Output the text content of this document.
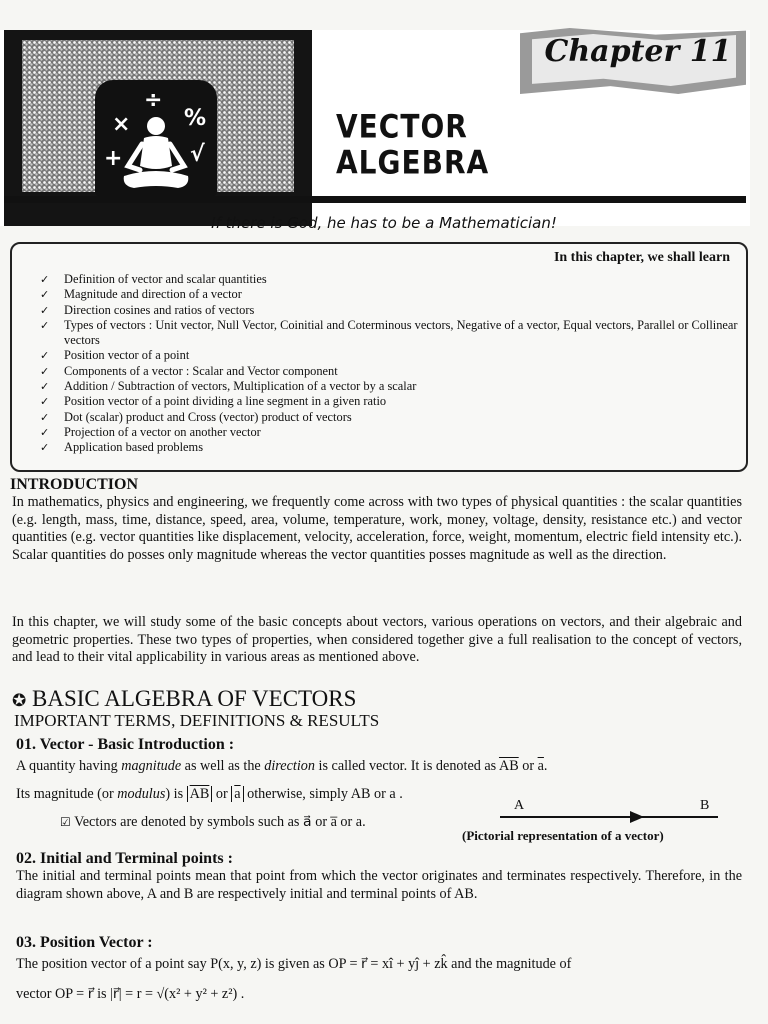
×
÷
%
+	√
Chapter 11
VECTOR
ALGEBRA
If there is God, he has to be a Mathematician!
In this chapter, we shall learn
✓ Definition of vector and scalar quantities
✓ Magnitude and direction of a vector
✓ Direction cosines and ratios of vectors
✓ Types of vectors : Unit vector, Null Vector, Coinitial and Coterminous vectors, Negative of a vector, Equal vectors, Parallel or Collinear vectors
✓ Position vector of a point
✓ Components of a vector : Scalar and Vector component
✓ Addition / Subtraction of vectors, Multiplication of a vector by a scalar
✓ Position vector of a point dividing a line segment in a given ratio
✓ Dot (scalar) product and Cross (vector) product of vectors
✓ Projection of a vector on another vector
✓ Application based problems
INTRODUCTION
In mathematics, physics and engineering, we frequently come across with two types of physical quantities : the scalar quantities (e.g. length, mass, time, distance, speed, area, volume, temperature, work, money, voltage, density, resistance etc.) and vector quantities (e.g. vector quantities like displacement, velocity, acceleration, force, weight, momentum, electric field intensity etc.). Scalar quantities do posses only magnitude whereas the vector quantities posses magnitude as well as the direction.
In this chapter, we will study some of the basic concepts about vectors, various operations on vectors, and their algebraic and geometric properties. These two types of properties, when considered together give a full realisation to the concept of vectors, and lead to their vital applicability in various areas as mentioned above.
✪ BASIC ALGEBRA OF VECTORS
IMPORTANT TERMS, DEFINITIONS & RESULTS
01. Vector - Basic Introduction :
A quantity having magnitude as well as the direction is called vector. It is denoted as $\overline{AB}$ or $\overline{a}$.
Its magnitude (or modulus) is $\overline{AB}$ or $\overline{a}$ otherwise, simply AB or a .
A	B
☑ Vectors are denoted by symbols such as a⃗ or a̅ or a.
(Pictorial representation of a vector)
02. Initial and Terminal points :
The initial and terminal points mean that point from which the vector originates and terminates respectively. Therefore, in the diagram shown above, A and B are respectively initial and terminal points of AB.
03. Position Vector :
The position vector of a point say P(x, y, z) is given as OP = r⃗ = xî + yĵ + zk̂ and the magnitude of
vector OP = r⃗ is |r⃗| = r = √(x² + y² + z²) .
